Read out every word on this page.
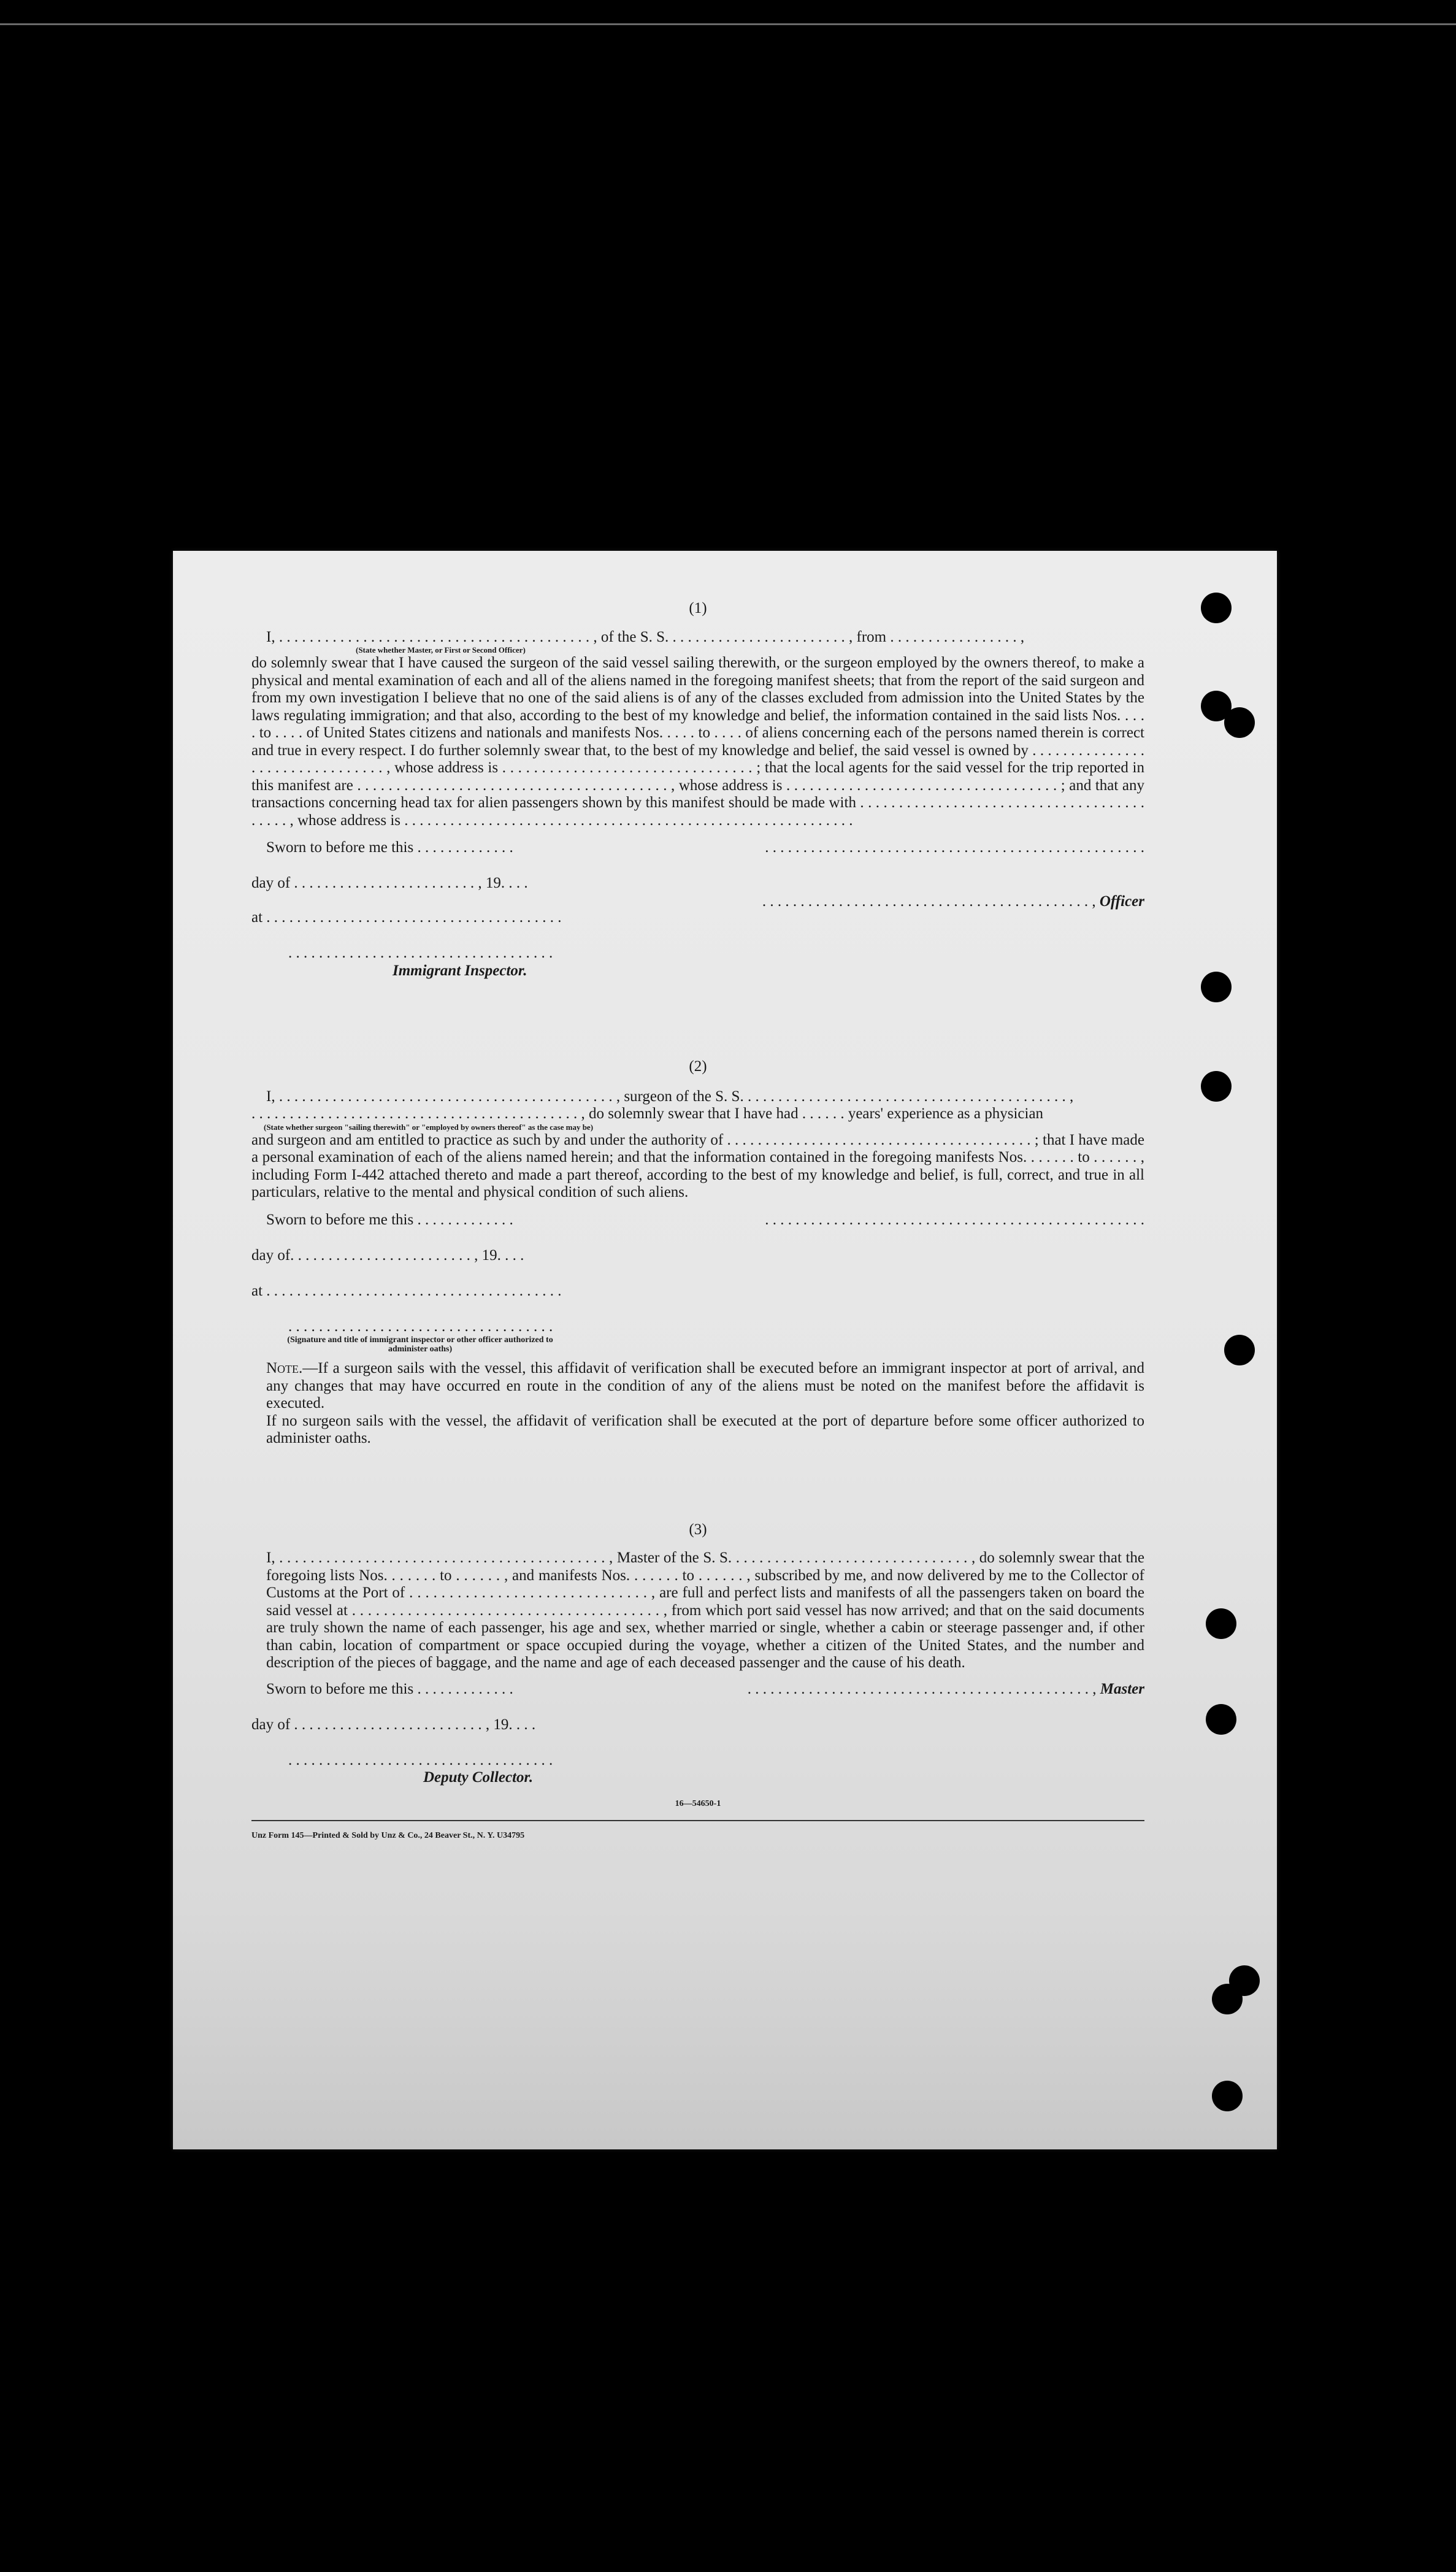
(1)

I, . . . . . . . . . . . . . . . . . . . . . . . . . . . . . . . . . . . . . . . . . , of the S. S. . . . . . . . . . . . . . . . . . . . . . . . , from . . . . . . . . . . . . . . . . . ,

(State whether Master, or First or Second Officer)

do solemnly swear that I have caused the surgeon of the said vessel sailing therewith, or the surgeon employed by the owners thereof, to make a physical and mental examination of each and all of the aliens named in the foregoing manifest sheets; that from the report of the said surgeon and from my own investigation I believe that no one of the said aliens is of any of the classes excluded from admission into the United States by the laws regulating immigration; and that also, according to the best of my knowledge and belief, the information contained in the said lists Nos. . . . . to . . . . of United States citizens and nationals and manifests Nos. . . . . to . . . . of aliens concerning each of the persons named therein is correct and true in every respect. I do further solemnly swear that, to the best of my knowledge and belief, the said vessel is owned by . . . . . . . . . . . . . . . . . . . . . . . . . . . . . . . . , whose address is . . . . . . . . . . . . . . . . . . . . . . . . . . . . . . . . ; that the local agents for the said vessel for the trip reported in this manifest are . . . . . . . . . . . . . . . . . . . . . . . . . . . . . . . . . . . . . . . . , whose address is . . . . . . . . . . . . . . . . . . . . . . . . . . . . . . . . . . . ; and that any transactions concerning head tax for alien passengers shown by this manifest should be made with . . . . . . . . . . . . . . . . . . . . . . . . . . . . . . . . . . . . . . . . . . , whose address is . . . . . . . . . . . . . . . . . . . . . . . . . . . . . . . . . . . . . . . . . . . . . . . . . . . . . . . . . . .

Sworn to before me this . . . . . . . . . . . . .	. . . . . . . . . . . . . . . . . . . . . . . . . . . . . . . . . . . . . . . . . . . . . . . . . .
day of . . . . . . . . . . . . . . . . . . . . . . . . , 19. . . .
. . . . . . . . . . . . . . . . . . . . . . . . . . . . . . . . . . . . . . . . . . . , Officer
at . . . . . . . . . . . . . . . . . . . . . . . . . . . . . . . . . . . . . . .
. . . . . . . . . . . . . . . . . . . . . . . . . . . . . . . . . . .
Immigrant Inspector.

(2)

I, . . . . . . . . . . . . . . . . . . . . . . . . . . . . . . . . . . . . . . . . . . . . , surgeon of the S. S. . . . . . . . . . . . . . . . . . . . . . . . . . . . . . . . . . . . . . . . . . . ,

. . . . . . . . . . . . . . . . . . . . . . . . . . . . . . . . . . . . . . . . . . . , do solemnly swear that I have had . . . . . . years' experience as a physician

(State whether surgeon "sailing therewith" or "employed by owners thereof" as the case may be)

and surgeon and am entitled to practice as such by and under the authority of . . . . . . . . . . . . . . . . . . . . . . . . . . . . . . . . . . . . . . . . ; that I have made a personal examination of each of the aliens named herein; and that the information contained in the foregoing manifests Nos. . . . . . . to . . . . . . , including Form I-442 attached thereto and made a part thereof, according to the best of my knowledge and belief, is full, correct, and true in all particulars, relative to the mental and physical condition of such aliens.

Sworn to before me this . . . . . . . . . . . . .	. . . . . . . . . . . . . . . . . . . . . . . . . . . . . . . . . . . . . . . . . . . . . . . . . .
day of. . . . . . . . . . . . . . . . . . . . . . . . , 19. . . .
at . . . . . . . . . . . . . . . . . . . . . . . . . . . . . . . . . . . . . . .
. . . . . . . . . . . . . . . . . . . . . . . . . . . . . . . . . . .
(Signature and title of immigrant inspector or other officer authorized to administer oaths)

Note.—If a surgeon sails with the vessel, this affidavit of verification shall be executed before an immigrant inspector at port of arrival, and any changes that may have occurred en route in the condition of any of the aliens must be noted on the manifest before the affidavit is executed.

If no surgeon sails with the vessel, the affidavit of verification shall be executed at the port of departure before some officer authorized to administer oaths.

(3)

I, . . . . . . . . . . . . . . . . . . . . . . . . . . . . . . . . . . . . . . . . . . , Master of the S. S. . . . . . . . . . . . . . . . . . . . . . . . . . . . . . . , do solemnly swear that the foregoing lists Nos. . . . . . . to . . . . . . , and manifests Nos. . . . . . . to . . . . . . , subscribed by me, and now delivered by me to the Collector of Customs at the Port of . . . . . . . . . . . . . . . . . . . . . . . . . . . . . . , are full and perfect lists and manifests of all the passengers taken on board the said vessel at . . . . . . . . . . . . . . . . . . . . . . . . . . . . . . . . . . . . . . . , from which port said vessel has now arrived; and that on the said documents are truly shown the name of each passenger, his age and sex, whether married or single, whether a cabin or steerage passenger and, if other than cabin, location of compartment or space occupied during the voyage, whether a citizen of the United States, and the number and description of the pieces of baggage, and the name and age of each deceased passenger and the cause of his death.

Sworn to before me this . . . . . . . . . . . . .	. . . . . . . . . . . . . . . . . . . . . . . . . . . . . . . . . . . . . . . . . . . . . , Master
day of . . . . . . . . . . . . . . . . . . . . . . . . . , 19. . . .
. . . . . . . . . . . . . . . . . . . . . . . . . . . . . . . . . . .
Deputy Collector.
16—54650-1
Unz Form 145—Printed & Sold by Unz & Co., 24 Beaver St., N. Y. U34795
